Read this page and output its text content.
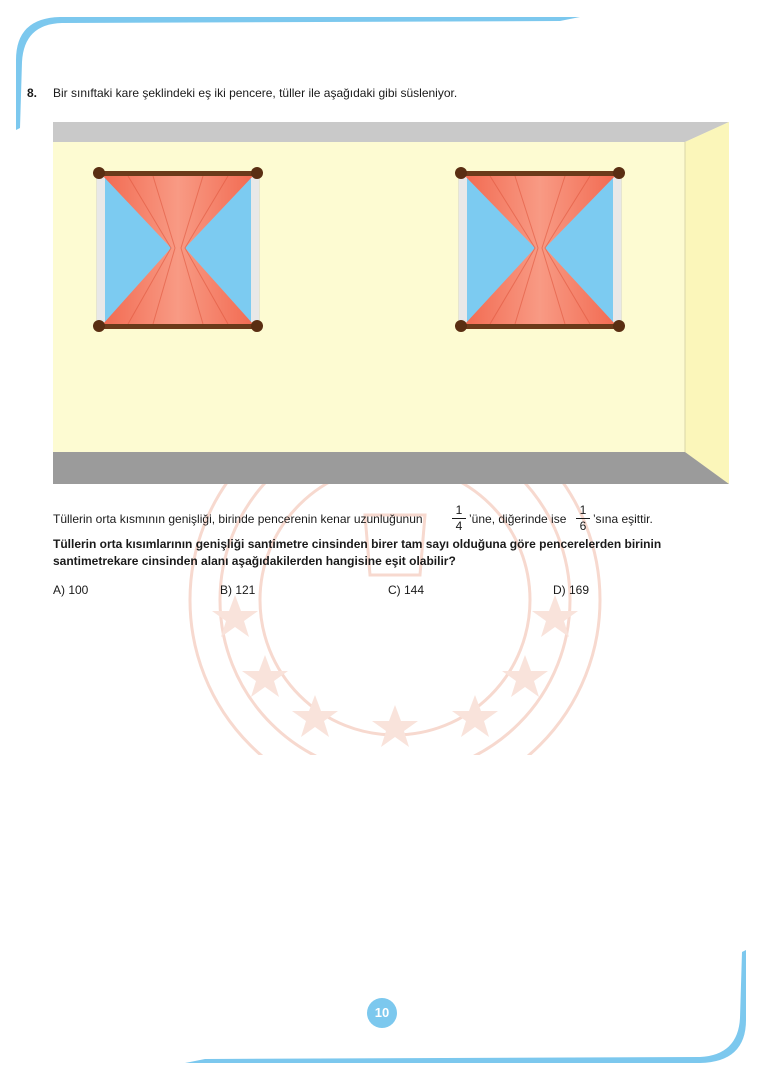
8. Bir sınıftaki kare şeklindeki eş iki pencere, tüller ile aşağıdaki gibi süsleniyor.
Tüllerin orta kısmının genişliği, birinde pencerenin kenar uzunluğunun $\frac{1}{4}$ ’üne, diğerinde ise $\frac{1}{6}$ ’sına eşittir.
Tüllerin orta kısımlarının genişliği santimetre cinsinden birer tam sayı olduğuna göre pencerelerden birinin santimetrekare cinsinden alanı aşağıdakilerden hangisine eşit olabilir?
A) 100	B) 121	C) 144	D) 169
10
